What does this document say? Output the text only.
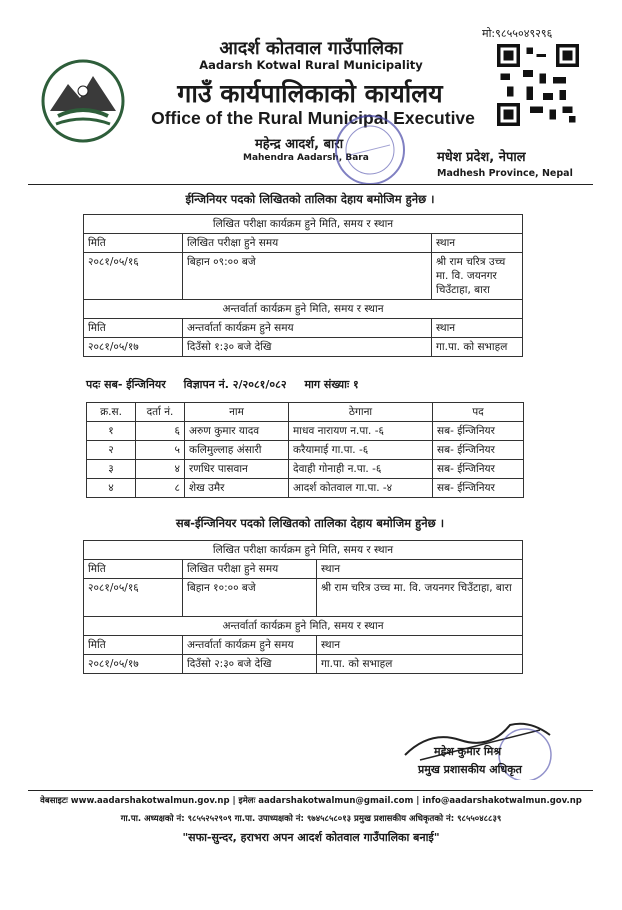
मो:९८५५०४९२९६
आदर्श कोतवाल गाउँपालिका
Aadarsh Kotwal Rural Municipality
गाउँ कार्यपालिकाको कार्यालय
Office of the Rural Municipal Executive
महेन्द्र आदर्श, बारा
Mahendra Aadarsh, Bara	मधेश प्रदेश, नेपाल
Madhesh Province, Nepal
ईन्जिनियर पदको लिखितको तालिका देहाय बमोजिम हुनेछ ।
लिखित परीक्षा कार्यक्रम हुने मिति, समय र स्थान		
मिति	लिखित परीक्षा हुने समय	स्थान
२०८१/०५/१६	बिहान ०९:०० बजे	श्री राम चरित्र उच्च मा. वि. जयनगर चिउँटाहा, बारा
अन्तर्वार्ता कार्यक्रम हुने मिति, समय र स्थान		
मिति	अन्तर्वार्ता कार्यक्रम हुने समय	स्थान
२०८१/०५/१७	दिउँसो १:३० बजे देखि	गा.पा. को सभाहल
पदः सब- ईन्जिनियर विज्ञापन नं. २/२०८१/०८२ माग संख्याः १
क्र.स.	दर्ता नं.	नाम	ठेगाना	पद
१	६	अरुण कुमार यादव	माधव नारायण न.पा. -६	सब- ईन्जिनियर
२	५	कलिमुल्लाह अंसारी	करैयामाई गा.पा. -६	सब- ईन्जिनियर
३	४	रणधिर पासवान	देवाही गोनाही न.पा. -६	सब- ईन्जिनियर
४	८	शेख उमैर	आदर्श कोतवाल गा.पा. -४	सब- ईन्जिनियर
सब-ईन्जिनियर पदको लिखितको तालिका देहाय बमोजिम हुनेछ ।
लिखित परीक्षा कार्यक्रम हुने मिति, समय र स्थान		
मिति	लिखित परीक्षा हुने समय	स्थान
२०८१/०५/१६	बिहान १०:०० बजे	श्री राम चरित्र उच्च मा. वि. जयनगर चिउँटाहा, बारा
अन्तर्वार्ता कार्यक्रम हुने मिति, समय र स्थान		
मिति	अन्तर्वार्ता कार्यक्रम हुने समय	स्थान
२०८१/०५/१७	दिउँसो २:३० बजे देखि	गा.पा. को सभाहल
महेश कुमार मिश्र
प्रमुख प्रशासकीय अधिकृत
वेबसाइटः www.aadarshakotwalmun.gov.np | इमेलः aadarshakotwalmun@gmail.com | info@aadarshakotwalmun.gov.np
गा.पा. अध्यक्षको नं: ९८५५२५२९०९ गा.पा. उपाध्यक्षको नं: ९७४५८५८०१३ प्रमुख प्रशासकीय अधिकृतको नं: ९८५५०४८८३९
"सफा-सुन्दर, हराभरा अपन आदर्श कोतवाल गाउँपालिका बनाई"
